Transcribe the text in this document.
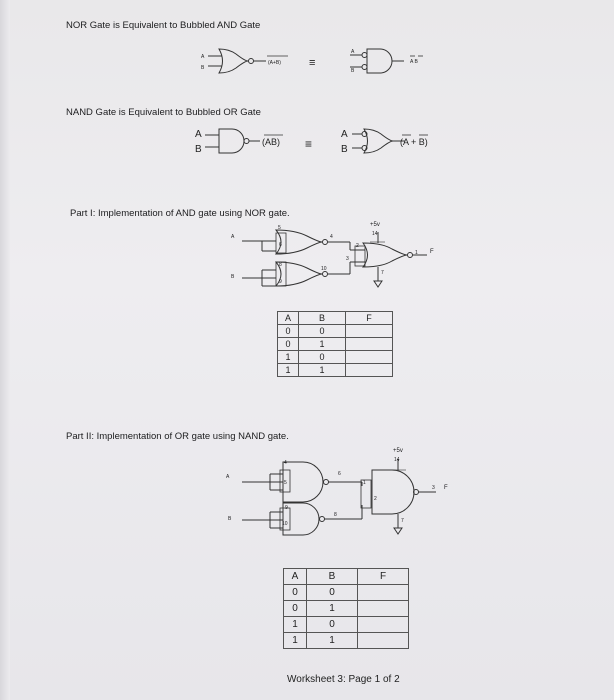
NOR Gate is Equivalent to Bubbled AND Gate
NAND Gate is Equivalent to Bubbled OR Gate
Part I: Implementation of AND gate using NOR gate.
Part II: Implementation of OR gate using NAND gate.
Worksheet 3: Page 1 of 2
A
B
(A+B)	≡
A
B
A B
A
B
(AB) ≡
A
B
(A + B)
A
B
+5v
F
5
6
4
8
9
10
2
3
14
1
7
A	B	F
0	0	
0	1	
1	0	
1	1	
A
B
+5v
F
4
5
6
9
10
8
1
2
3
14
7
A	B	F
0	0	
0	1	
1	0	
1	1	
